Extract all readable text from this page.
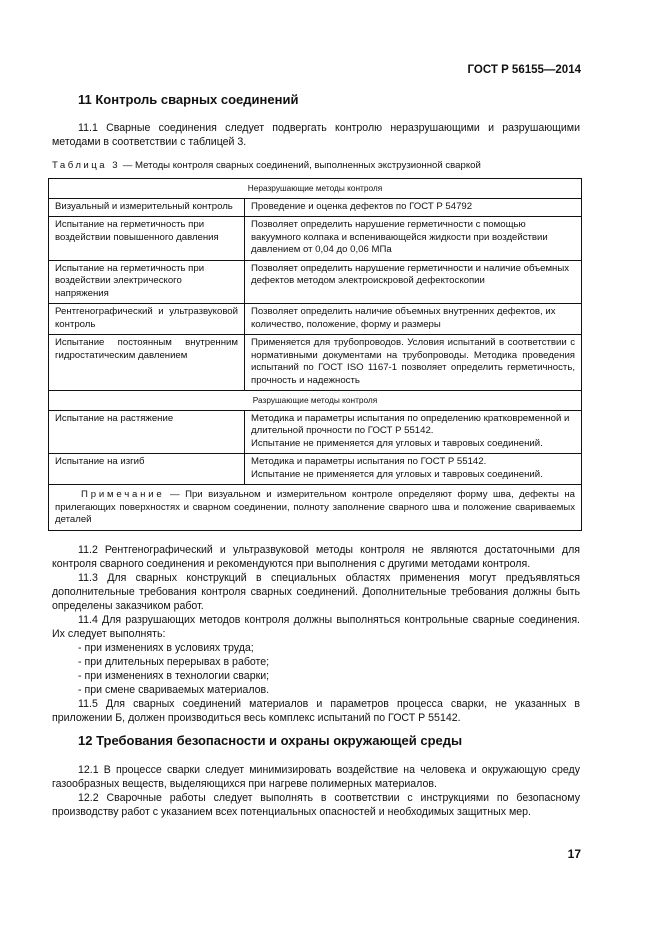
ГОСТ Р 56155—2014
11 Контроль сварных соединений

11.1 Сварные соединения следует подвергать контролю неразрушающими и разрушающими методами в соответствии с таблицей 3.

Таблица 3 — Методы контроля сварных соединений, выполненных экструзионной сваркой
Неразрушающие методы контроля	
Визуальный и измерительный контроль	Проведение и оценка дефектов по ГОСТ Р 54792
Испытание на герметичность при воздействии повышенного давления	Позволяет определить нарушение герметичности с помощью вакуумного колпака и вспенивающейся жидкости при воздействии давлением от 0,04 до 0,06 МПа
Испытание на герметичность при воздействии электрического напряжения	Позволяет определить нарушение герметичности и наличие объемных дефектов методом электроискровой дефектоскопии
Рентгенографический и ультразвуковой контроль	Позволяет определить наличие объемных внутренних дефектов, их количество, положение, форму и размеры
Испытание постоянным внутренним гидростатическим давлением	Применяется для трубопроводов. Условия испытаний в соответствии с нормативными документами на трубопроводы. Методика проведения испытаний по ГОСТ ISO 1167-1 позволяет определить герметичность, прочность и надежность
Разрушающие методы контроля	
Испытание на растяжение	Методика и параметры испытания по определению кратковременной и длительной прочности по ГОСТ Р 55142.
Испытание не применяется для угловых и тавровых соединений.

Испытание на изгиб	Методика и параметры испытания по ГОСТ Р 55142.
Испытание не применяется для угловых и тавровых соединений.

Примечание — При визуальном и измерительном контроле определяют форму шва, дефекты на прилегающих поверхностях и сварном соединении, полноту заполнение сварного шва и положение свариваемых деталей	

11.2 Рентгенографический и ультразвуковой методы контроля не являются достаточными для контроля сварного соединения и рекомендуются при выполнения с другими методами контроля.

11.3 Для сварных конструкций в специальных областях применения могут предъявляться дополнительные требования контроля сварных соединений. Дополнительные требования должны быть определены заказчиком работ.

11.4 Для разрушающих методов контроля должны выполняться контрольные сварные соединения. Их следует выполнять:

- при изменениях в условиях труда;
- при длительных перерывах в работе;
- при изменениях в технологии сварки;
- при смене свариваемых материалов.

11.5 Для сварных соединений материалов и параметров процесса сварки, не указанных в приложении Б, должен производиться весь комплекс испытаний по ГОСТ Р 55142.

12 Требования безопасности и охраны окружающей среды

12.1 В процессе сварки следует минимизировать воздействие на человека и окружающую среду газообразных веществ, выделяющихся при нагреве полимерных материалов.

12.2 Сварочные работы следует выполнять в соответствии с инструкциями по безопасному производству работ с указанием всех потенциальных опасностей и необходимых защитных мер.

17
